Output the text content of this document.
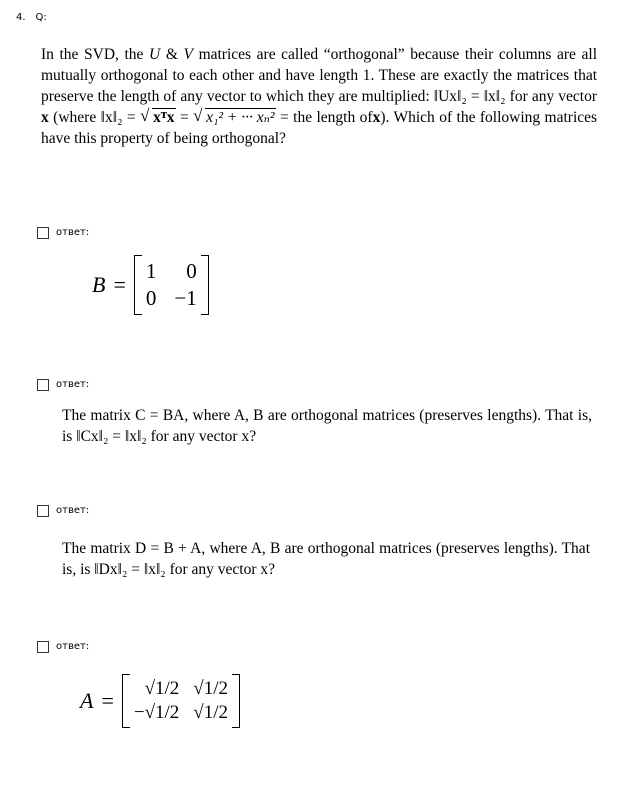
4. Q:
In the SVD, the U & V matrices are called “orthogonal” because their columns are all mutually orthogonal to each other and have length 1. These are exactly the matrices that preserve the length of any vector to which they are multiplied: ‖Ux‖₂ = ‖x‖₂ for any vector x (where ‖x‖₂ = √ xᵀx = √ x₁² + ··· xₙ² = the length ofx). Which of the following matrices have this property of being orthogonal?
ответ:
B =
1	0
0 −1
ответ:
The matrix C = BA, where A, B are orthogonal matrices (preserves lengths). That is, is ‖Cx‖₂ = ‖x‖₂ for any vector x?
ответ:
The matrix D = B + A, where A, B are orthogonal matrices (preserves lengths). That is, is ‖Dx‖₂ = ‖x‖₂ for any vector x?
ответ:
A =	√1/2 √1/2
−√1/2 √1/2
